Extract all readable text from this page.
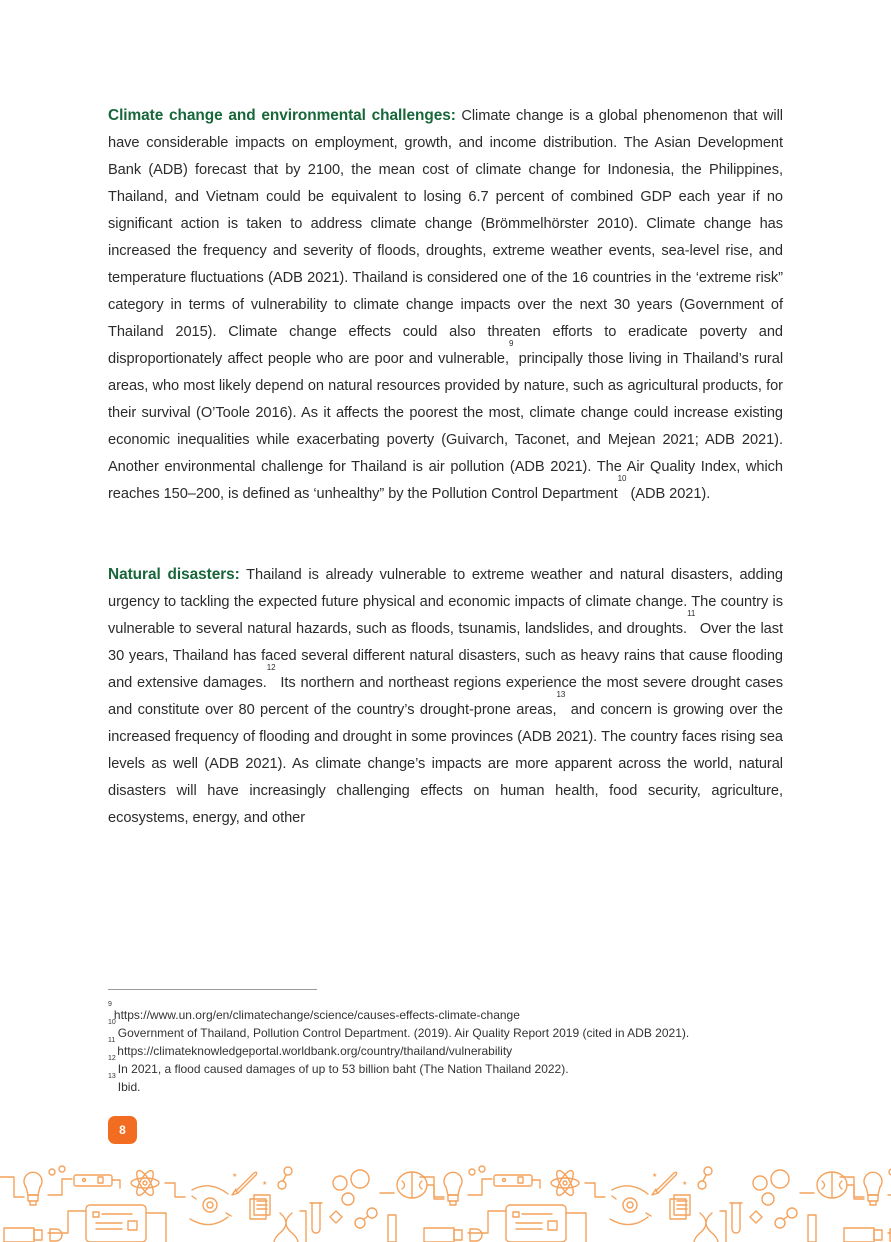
Climate change and environmental challenges: Climate change is a global phenomenon that will have considerable impacts on employment, growth, and income distribution. The Asian Development Bank (ADB) forecast that by 2100, the mean cost of climate change for Indonesia, the Philippines, Thailand, and Vietnam could be equivalent to losing 6.7 percent of combined GDP each year if no significant action is taken to address climate change (Brömmelhörster 2010). Climate change has increased the frequency and severity of floods, droughts, extreme weather events, sea-level rise, and temperature fluctuations (ADB 2021). Thailand is considered one of the 16 countries in the ‘extreme risk” category in terms of vulnerability to climate change impacts over the next 30 years (Government of Thailand 2015). Climate change effects could also threaten efforts to eradicate poverty and disproportionately affect people who are poor and vulnerable,$^9$ principally those living in Thailand’s rural areas, who most likely depend on natural resources provided by nature, such as agricultural products, for their survival (O’Toole 2016). As it affects the poorest the most, climate change could increase existing economic inequalities while exacerbating poverty (Guivarch, Taconet, and Mejean 2021; ADB 2021). Another environmental challenge for Thailand is air pollution (ADB 2021). The Air Quality Index, which reaches 150–200, is defined as ‘unhealthy” by the Pollution Control Department$^{10}$ (ADB 2021).
Natural disasters: Thailand is already vulnerable to extreme weather and natural disasters, adding urgency to tackling the expected future physical and economic impacts of climate change. The country is vulnerable to several natural hazards, such as floods, tsunamis, landslides, and droughts.$^{11}$ Over the last 30 years, Thailand has faced several different natural disasters, such as heavy rains that cause flooding and extensive damages.$^{12}$ Its northern and northeast regions experience the most severe drought cases and constitute over 80 percent of the country’s drought-prone areas,$^{13}$ and concern is growing over the increased frequency of flooding and drought in some provinces (ADB 2021). The country faces rising sea levels as well (ADB 2021). As climate change’s impacts are more apparent across the world, natural disasters will have increasingly challenging effects on human health, food security, agriculture, ecosystems, energy, and other
$^9$https://www.un.org/en/climatechange/science/causes-effects-climate-change
$^{10}$Government of Thailand, Pollution Control Department. (2019). Air Quality Report 2019 (cited in ADB 2021).
$^{11}$https://climateknowledgeportal.worldbank.org/country/thailand/vulnerability
$^{12}$In 2021, a flood caused damages of up to 53 billion baht (The Nation Thailand 2022).
$^{13}$Ibid.
8
★
★
